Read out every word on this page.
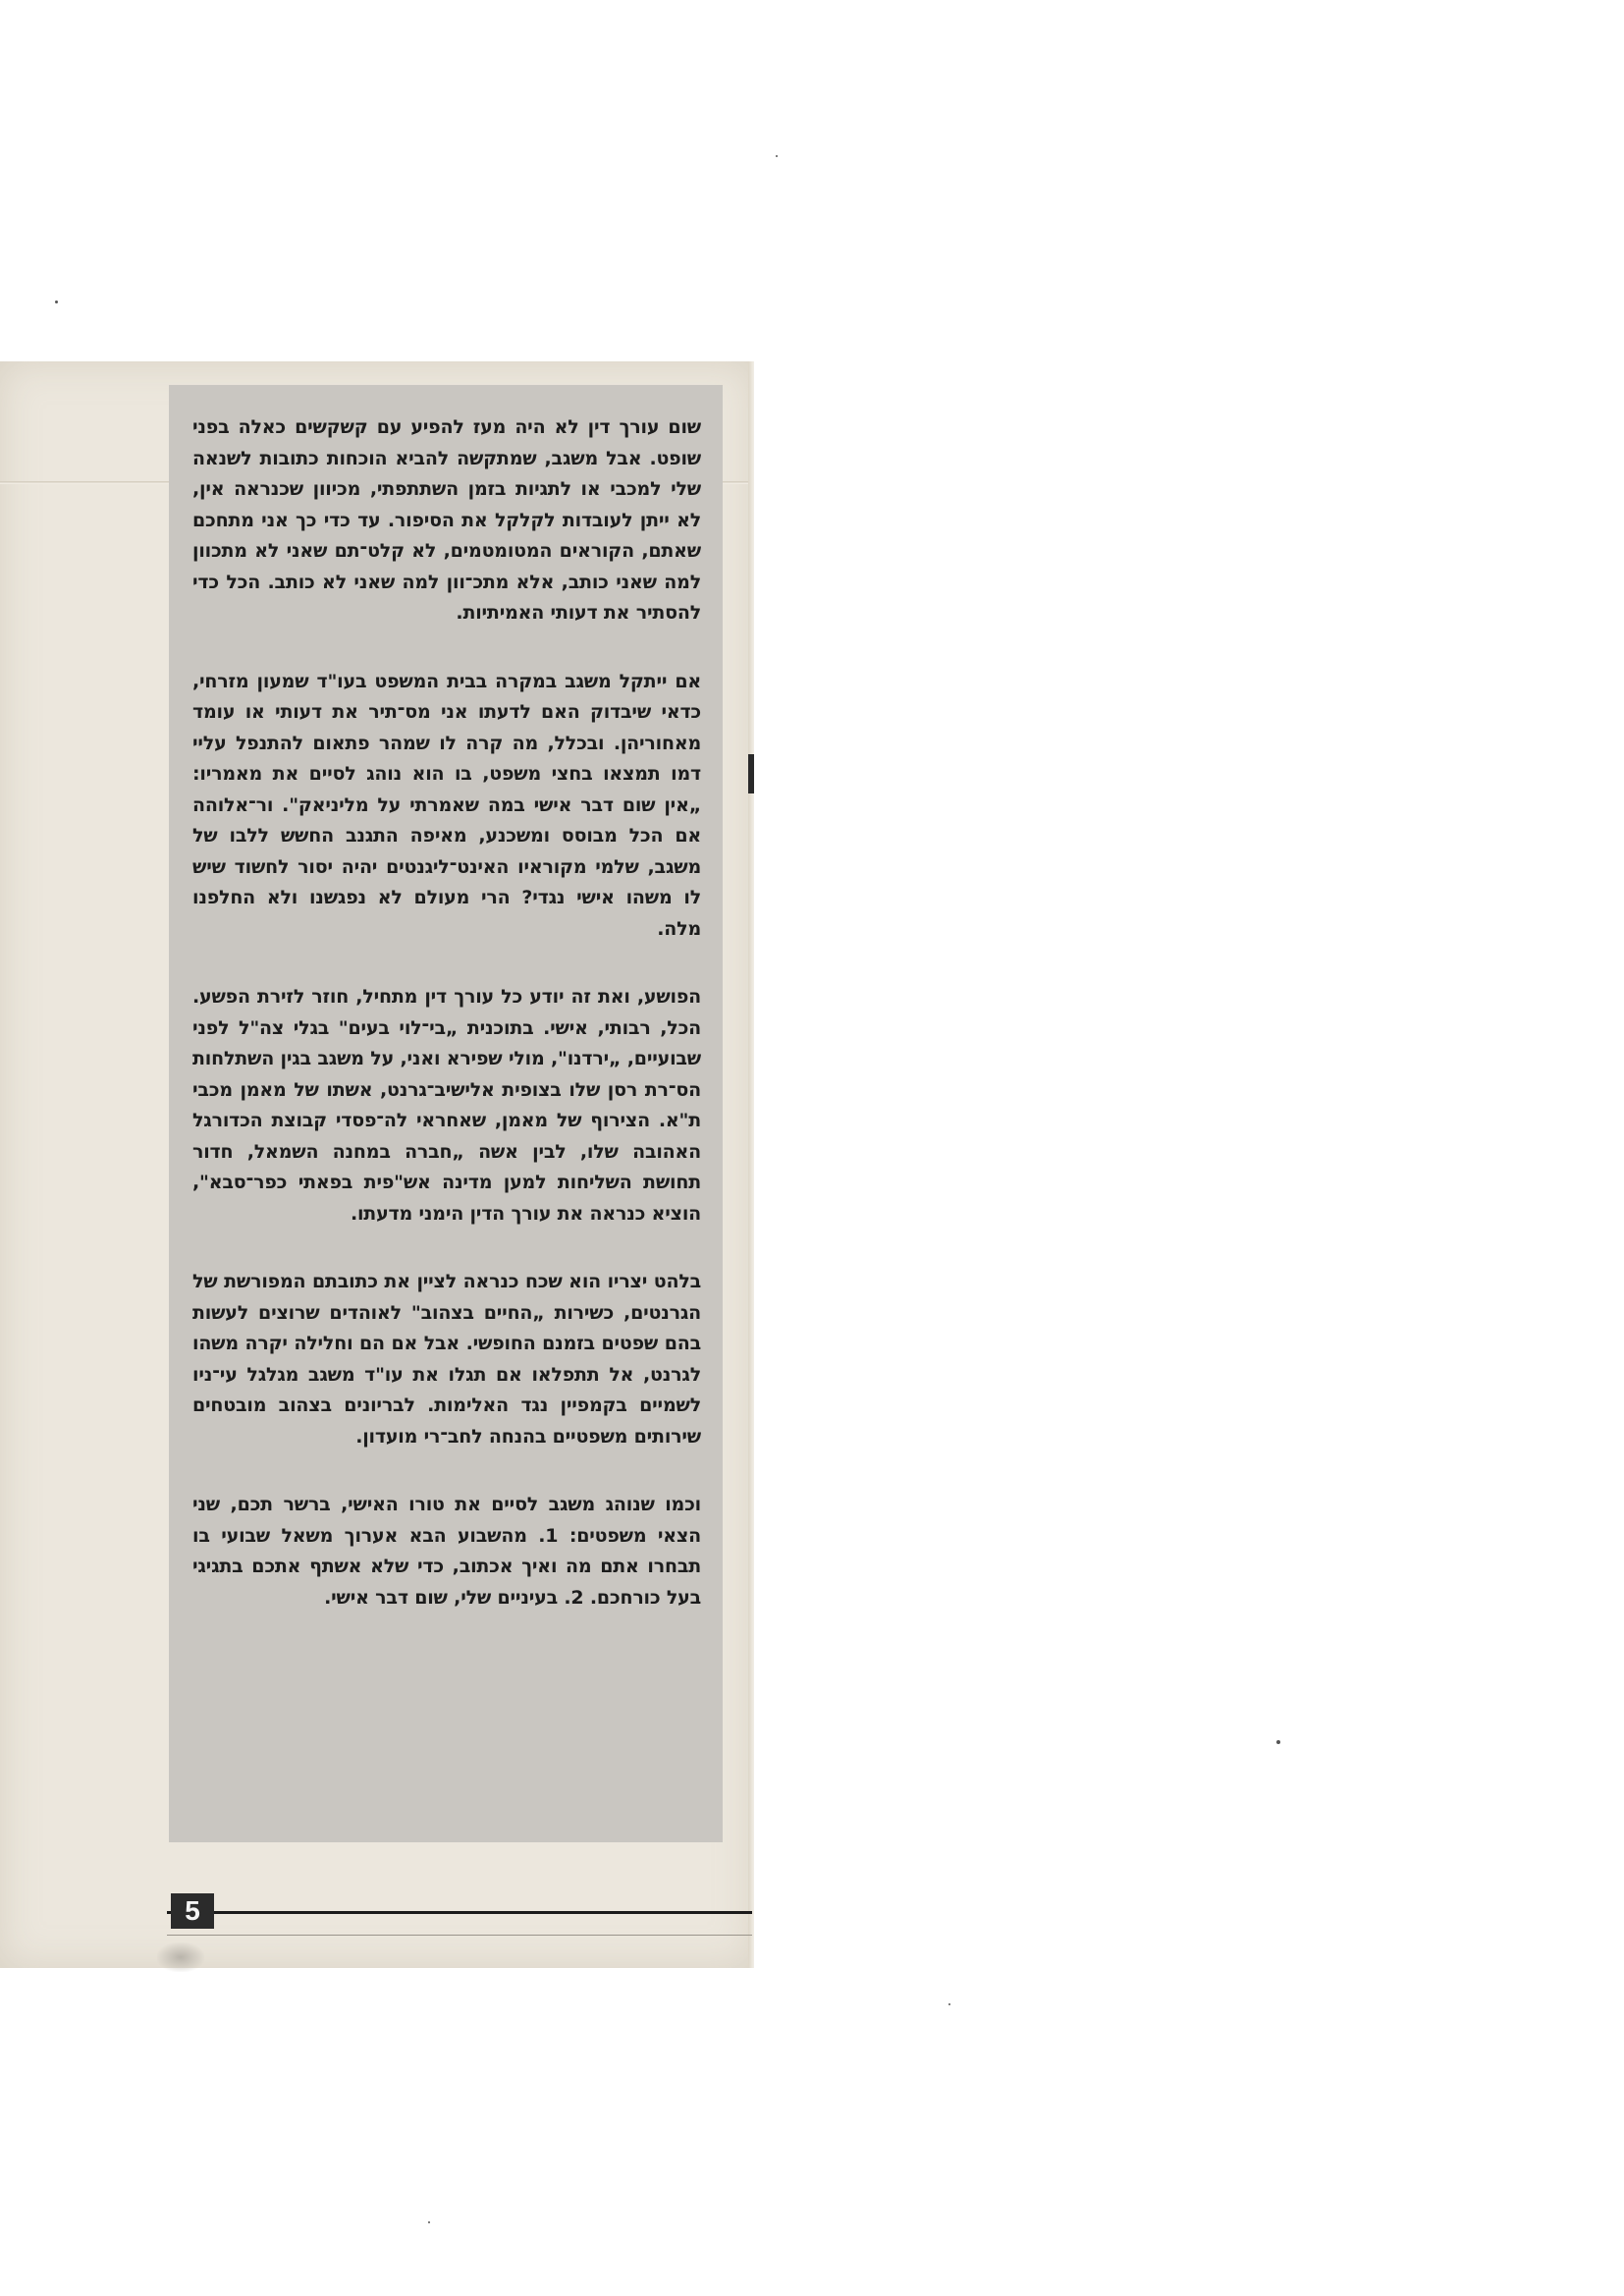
שום עורך דין לא היה מעז להפיע עם קשקשים כאלה בפני שופט. אבל משגב, שמתקשה להביא הוכחות כתובות לשנאה שלי למכבי או לתגיות בזמן השתתפתי, מכיוון שכנראה אין, לא ייתן לעובדות לקלקל את הסיפור. עד כדי כך אני מתחכם שאתם, הקוראים המטומטמים, לא קלט־תם שאני לא מתכוון למה שאני כותב, אלא מתכ־וון למה שאני לא כותב. הכל כדי להסתיר את דעותי האמיתיות.

אם ייתקל משגב במקרה בבית המשפט בעו"ד שמעון מזרחי, כדאי שיבדוק האם לדעתו אני מס־תיר את דעותי או עומד מאחוריהן. ובכלל, מה קרה לו שמהר פתאום להתנפל עליי דמו תמצאו בחצי משפט, בו הוא נוהג לסיים את מאמריו: „אין שום דבר אישי במה שאמרתי על מליניאק". ור־אלוהה אם הכל מבוסס ומשכנע, מאיפה התגנב החשש ללבו של משגב, שלמי מקוראיו האינט־ליגנטים יהיה יסור לחשוד שיש לו משהו אישי נגדי? הרי מעולם לא נפגשנו ולא החלפנו מלה.

הפושע, ואת זה יודע כל עורך דין מתחיל, חוזר לזירת הפשע. הכל, רבותי, אישי. בתוכנית „בי־לוי בעים" בגלי צה"ל לפני שבועיים, „ירדנו", מולי שפירא ואני, על משגב בגין השתלחות הס־רת רסן שלו בצופית אלישיב־גרנט, אשתו של מאמן מכבי ת"א. הצירוף של מאמן, שאחראי לה־פסדי קבוצת הכדורגל האהובה שלו, לבין אשה „חברה במחנה השמאל, חדור תחושת השליחות למען מדינה אש"פית בפאתי כפר־סבא", הוציא כנראה את עורך הדין הימני מדעתו.

בלהט יצריו הוא שכח כנראה לציין את כתובתם המפורשת של הגרנטים, כשירות „החיים בצהוב" לאוהדים שרוצים לעשות בהם שפטים בזמנם החופשי. אבל אם הם וחלילה יקרה משהו לגרנט, אל תתפלאו אם תגלו את עו"ד משגב מגלגל עי־ניו לשמיים בקמפיין נגד האלימות. לבריונים בצהוב מובטחים שירותים משפטיים בהנחה לחב־רי מועדון.

וכמו שנוהג משגב לסיים את טורו האישי, ברשר תכם, שני הצאי משפטים: 1. מהשבוע הבא אערוך משאל שבועי בו תבחרו אתם מה ואיך אכתוב, כדי שלא אשתף אתכם בתגיגי בעל כורחכם. 2. בעיניים שלי, שום דבר אישי.

5
